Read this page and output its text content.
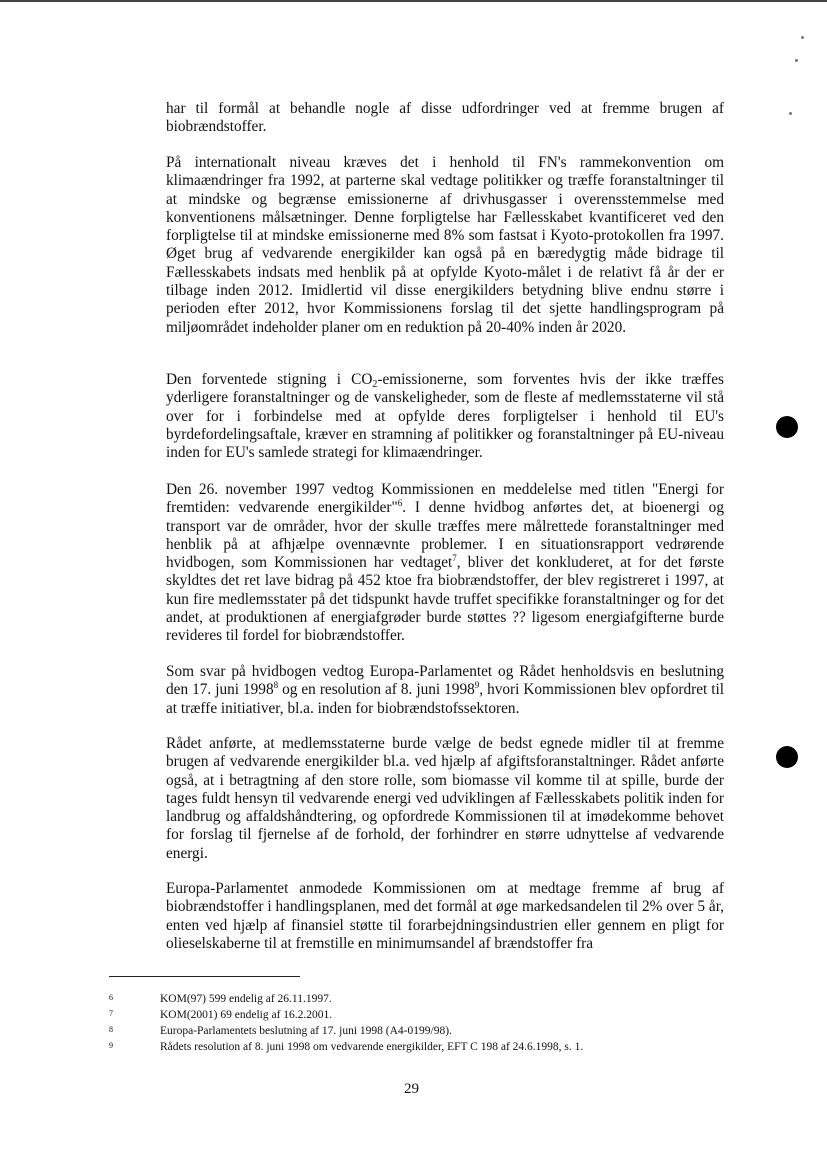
har til formål at behandle nogle af disse udfordringer ved at fremme brugen af biobrændstoffer.

På internationalt niveau kræves det i henhold til FN's rammekonvention om klimaændringer fra 1992, at parterne skal vedtage politikker og træffe foranstaltninger til at mindske og begrænse emissionerne af drivhusgasser i overensstemmelse med konventionens målsætninger. Denne forpligtelse har Fællesskabet kvantificeret ved den forpligtelse til at mindske emissionerne med 8% som fastsat i Kyoto-protokollen fra 1997. Øget brug af vedvarende energikilder kan også på en bæredygtig måde bidrage til Fællesskabets indsats med henblik på at opfylde Kyoto-målet i de relativt få år der er tilbage inden 2012. Imidlertid vil disse energikilders betydning blive endnu større i perioden efter 2012, hvor Kommissionens forslag til det sjette handlingsprogram på miljøområdet indeholder planer om en reduktion på 20-40% inden år 2020.

Den forventede stigning i $CO_2$-emissionerne, som forventes hvis der ikke træffes yderligere foranstaltninger og de vanskeligheder, som de fleste af medlemsstaterne vil stå over for i forbindelse med at opfylde deres forpligtelser i henhold til EU's byrdefordelingsaftale, kræver en stramning af politikker og foranstaltninger på EU-niveau inden for EU's samlede strategi for klimaændringer.

Den 26. november 1997 vedtog Kommissionen en meddelelse med titlen "Energi for fremtiden: vedvarende energikilder"$^6$. I denne hvidbog anførtes det, at bioenergi og transport var de områder, hvor der skulle træffes mere målrettede foranstaltninger med henblik på at afhjælpe ovennævnte problemer. I en situationsrapport vedrørende hvidbogen, som Kommissionen har vedtaget$^7$, bliver det konkluderet, at for det første skyldtes det ret lave bidrag på 452 ktoe fra biobrændstoffer, der blev registreret i 1997, at kun fire medlemsstater på det tidspunkt havde truffet specifikke foranstaltninger og for det andet, at produktionen af energiafgrøder burde støttes ?? ligesom energiafgifterne burde revideres til fordel for biobrændstoffer.

Som svar på hvidbogen vedtog Europa-Parlamentet og Rådet henholdsvis en beslutning den 17. juni 1998$^8$ og en resolution af 8. juni 1998$^9$, hvori Kommissionen blev opfordret til at træffe initiativer, bl.a. inden for biobrændstofssektoren.

Rådet anførte, at medlemsstaterne burde vælge de bedst egnede midler til at fremme brugen af vedvarende energikilder bl.a. ved hjælp af afgiftsforanstaltninger. Rådet anførte også, at i betragtning af den store rolle, som biomasse vil komme til at spille, burde der tages fuldt hensyn til vedvarende energi ved udviklingen af Fællesskabets politik inden for landbrug og affaldshåndtering, og opfordrede Kommissionen til at imødekomme behovet for forslag til fjernelse af de forhold, der forhindrer en større udnyttelse af vedvarende energi.

Europa-Parlamentet anmodede Kommissionen om at medtage fremme af brug af biobrændstoffer i handlingsplanen, med det formål at øge markedsandelen til 2% over 5 år, enten ved hjælp af finansiel støtte til forarbejdningsindustrien eller gennem en pligt for olieselskaberne til at fremstille en minimumsandel af brændstoffer fra

6	KOM(97) 599 endelig af 26.11.1997.
7	KOM(2001) 69 endelig af 16.2.2001.
8	Europa-Parlamentets beslutning af 17. juni 1998 (A4-0199/98).
9	Rådets resolution af 8. juni 1998 om vedvarende energikilder, EFT C 198 af 24.6.1998, s. 1.
29
